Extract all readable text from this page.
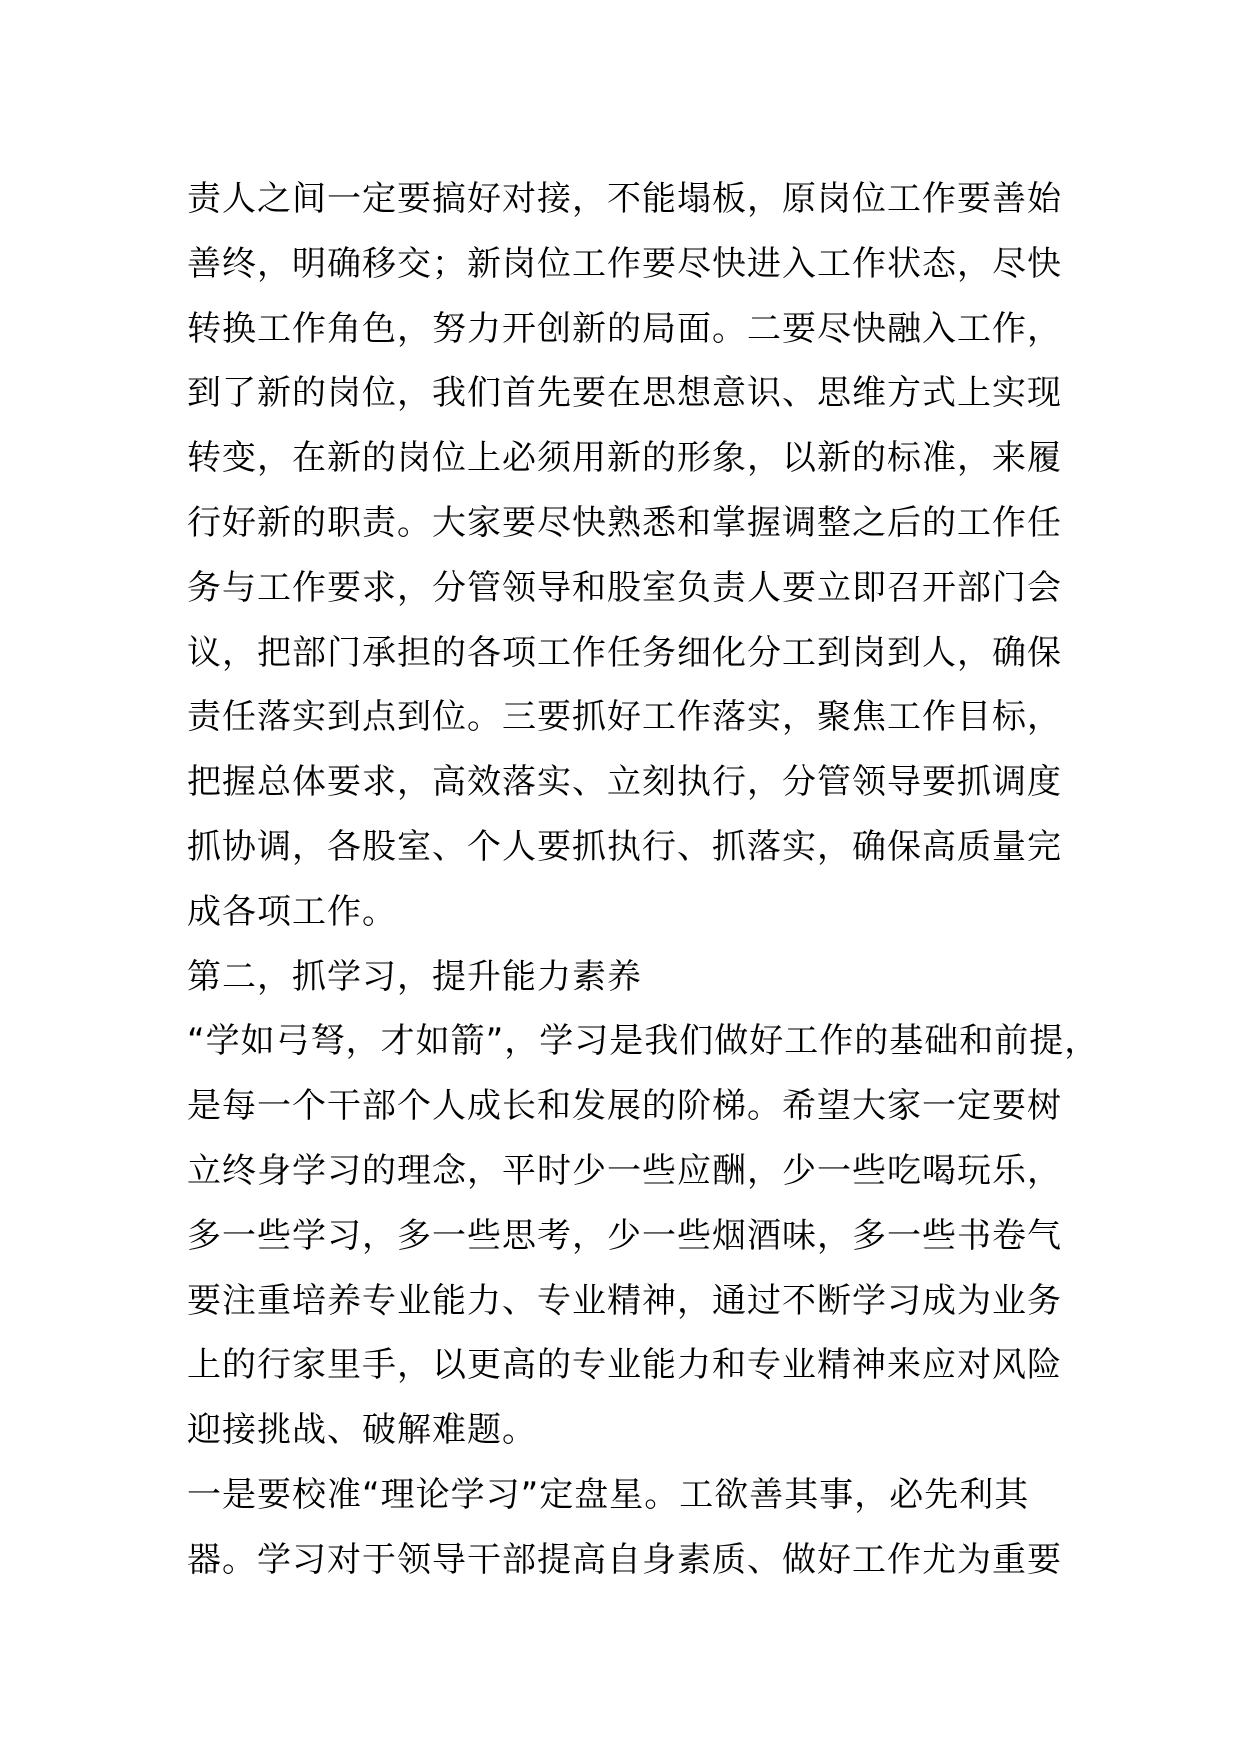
责人之间一定要搞好对接，不能塌板，原岗位工作要善始
善终，明确移交；新岗位工作要尽快进入工作状态，尽快
转换工作角色，努力开创新的局面。二要尽快融入工作，
到了新的岗位，我们首先要在思想意识、思维方式上实现
转变，在新的岗位上必须用新的形象，以新的标准，来履
行好新的职责。大家要尽快熟悉和掌握调整之后的工作任
务与工作要求，分管领导和股室负责人要立即召开部门会
议，把部门承担的各项工作任务细化分工到岗到人，确保
责任落实到点到位。三要抓好工作落实，聚焦工作目标，
把握总体要求，高效落实、立刻执行，分管领导要抓调度
抓协调，各股室、个人要抓执行、抓落实，确保高质量完
成各项工作。
第二，抓学习，提升能力素养
“学如弓弩，才如箭”，学习是我们做好工作的基础和前提，
是每一个干部个人成长和发展的阶梯。希望大家一定要树
立终身学习的理念，平时少一些应酬，少一些吃喝玩乐，
多一些学习，多一些思考，少一些烟酒味，多一些书卷气
要注重培养专业能力、专业精神，通过不断学习成为业务
上的行家里手，以更高的专业能力和专业精神来应对风险
迎接挑战、破解难题。
一是要校准“理论学习”定盘星。工欲善其事，必先利其
器。学习对于领导干部提高自身素质、做好工作尤为重要
